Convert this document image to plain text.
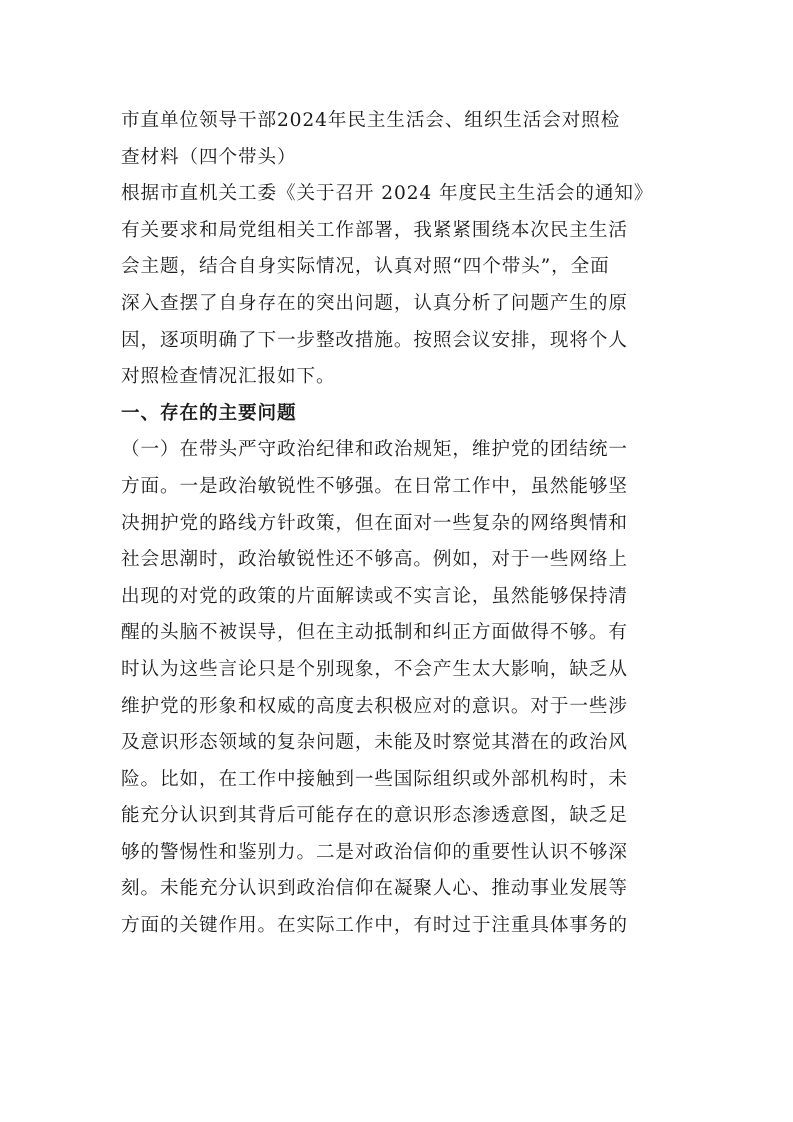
市直单位领导干部2024年民主生活会、组织生活会对照检
查材料（四个带头）
根据市直机关工委《关于召开 2024 年度民主生活会的通知》
有关要求和局党组相关工作部署，我紧紧围绕本次民主生活
会主题，结合自身实际情况，认真对照“四个带头”，全面
深入查摆了自身存在的突出问题，认真分析了问题产生的原
因，逐项明确了下一步整改措施。按照会议安排，现将个人
对照检查情况汇报如下。
一、存在的主要问题
（一）在带头严守政治纪律和政治规矩，维护党的团结统一
方面。一是政治敏锐性不够强。在日常工作中，虽然能够坚
决拥护党的路线方针政策，但在面对一些复杂的网络舆情和
社会思潮时，政治敏锐性还不够高。例如，对于一些网络上
出现的对党的政策的片面解读或不实言论，虽然能够保持清
醒的头脑不被误导，但在主动抵制和纠正方面做得不够。有
时认为这些言论只是个别现象，不会产生太大影响，缺乏从
维护党的形象和权威的高度去积极应对的意识。对于一些涉
及意识形态领域的复杂问题，未能及时察觉其潜在的政治风
险。比如，在工作中接触到一些国际组织或外部机构时，未
能充分认识到其背后可能存在的意识形态渗透意图，缺乏足
够的警惕性和鉴别力。二是对政治信仰的重要性认识不够深
刻。未能充分认识到政治信仰在凝聚人心、推动事业发展等
方面的关键作用。在实际工作中，有时过于注重具体事务的
